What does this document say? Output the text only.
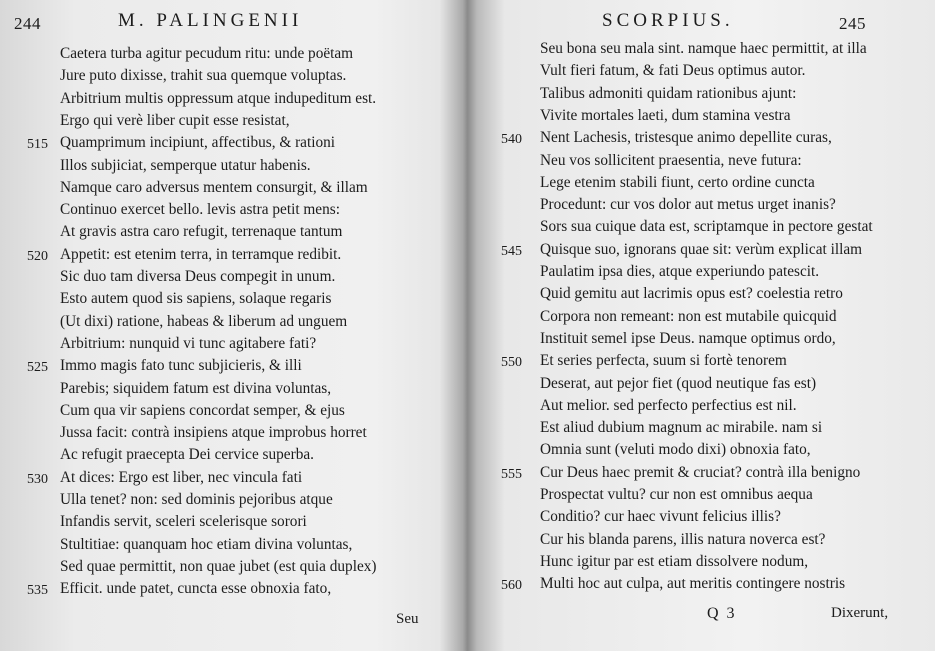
244	M. PALINGENII
Seu
Caetera turba agitur pecudum ritu: unde poëtam
Jure puto dixisse, trahit sua quemque voluptas.
Arbitrium multis oppressum atque indupeditum est.
Ergo qui verè liber cupit esse resistat,
Quamprimum incipiunt, affectibus, & rationi
Illos subjiciat, semperque utatur habenis.
Namque caro adversus mentem consurgit, & illam
Continuo exercet bello. levis astra petit mens:
At gravis astra caro refugit, terrenaque tantum
Appetit: est etenim terra, in terramque redibit.
Sic duo tam diversa Deus compegit in unum.
Esto autem quod sis sapiens, solaque regaris
(Ut dixi) ratione, habeas & liberum ad unguem
Arbitrium: nunquid vi tunc agitabere fati?
Immo magis fato tunc subjicieris, & illi
Parebis; siquidem fatum est divina voluntas,
Cum qua vir sapiens concordat semper, & ejus
Jussa facit: contrà insipiens atque improbus horret
Ac refugit praecepta Dei cervice superba.
At dices: Ergo est liber, nec vincula fati
Ulla tenet? non: sed dominis pejoribus atque
Infandis servit, sceleri scelerisque sorori
Stultitiae: quanquam hoc etiam divina voluntas,
Sed quae permittit, non quae jubet (est quia duplex)
Efficit. unde patet, cuncta esse obnoxia fato,
515
520
525
530
535
SCORPIUS.	245
Q 3	Dixerunt,
Seu bona seu mala sint. namque haec permittit, at illa
Vult fieri fatum, & fati Deus optimus autor.
Talibus admoniti quidam rationibus ajunt:
Vivite mortales laeti, dum stamina vestra
Nent Lachesis, tristesque animo depellite curas,
Neu vos sollicitent praesentia, neve futura:
Lege etenim stabili fiunt, certo ordine cuncta
Procedunt: cur vos dolor aut metus urget inanis?
Sors sua cuique data est, scriptamque in pectore gestat
Quisque suo, ignorans quae sit: verùm explicat illam
Paulatim ipsa dies, atque experiundo patescit.
Quid gemitu aut lacrimis opus est? coelestia retro
Corpora non remeant: non est mutabile quicquid
Instituit semel ipse Deus. namque optimus ordo,
Et series perfecta, suum si fortè tenorem
Deserat, aut pejor fiet (quod neutique fas est)
Aut melior. sed perfecto perfectius est nil.
Est aliud dubium magnum ac mirabile. nam si
Omnia sunt (veluti modo dixi) obnoxia fato,
Cur Deus haec premit & cruciat? contrà illa benigno
Prospectat vultu? cur non est omnibus aequa
Conditio? cur haec vivunt felicius illis?
Cur his blanda parens, illis natura noverca est?
Hunc igitur par est etiam dissolvere nodum,
Multi hoc aut culpa, aut meritis contingere nostris
540
545
550
555
560
